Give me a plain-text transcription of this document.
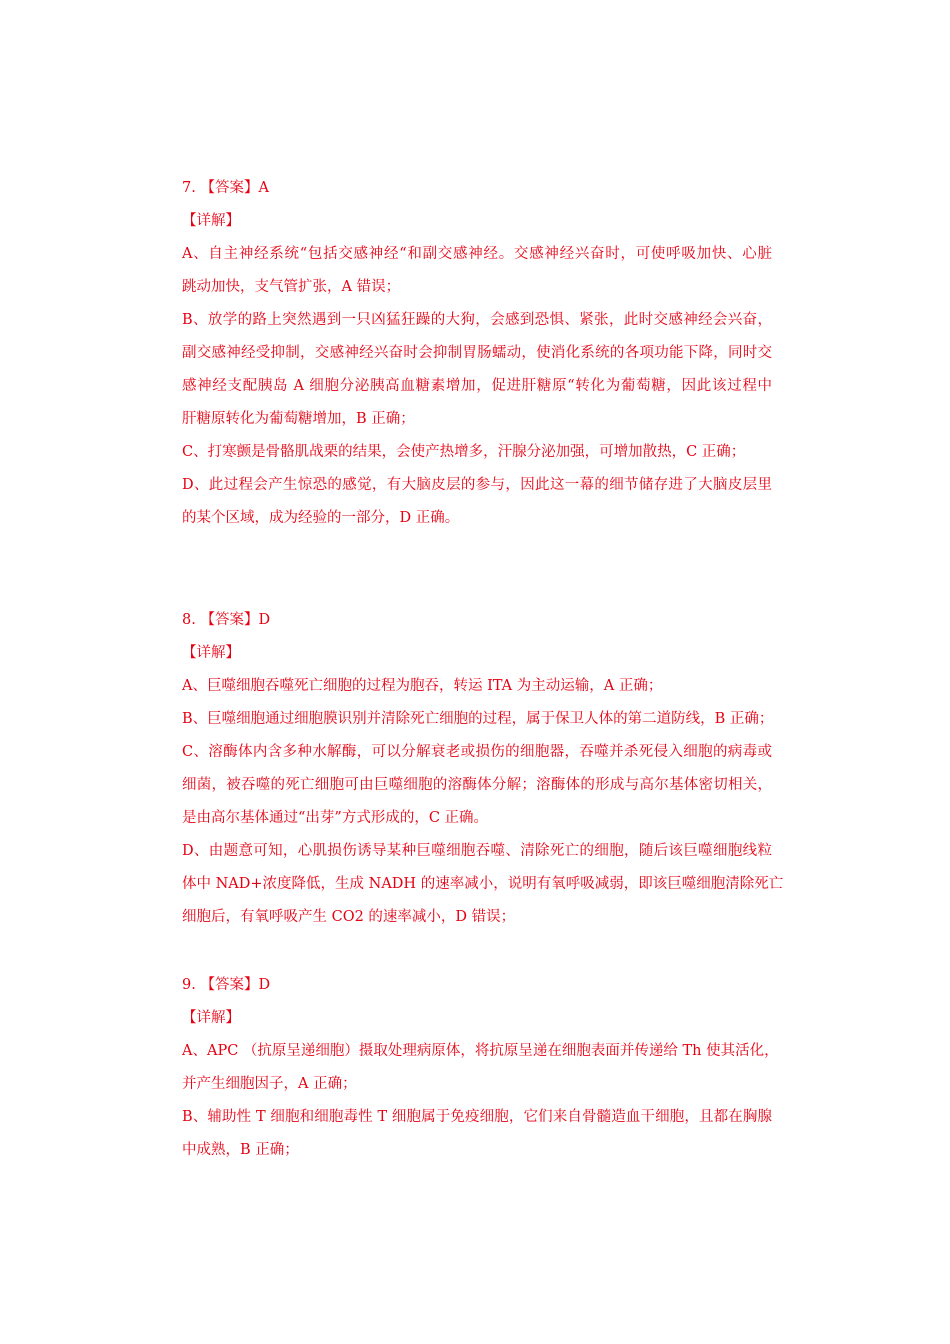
7. 【答案】A
【详解】
A、自主神经系统“包括交感神经“和副交感神经。交感神经兴奋时，可使呼吸加快、心脏
跳动加快，支气管扩张，A 错误；
B、放学的路上突然遇到一只凶猛狂躁的大狗，会感到恐惧、紧张，此时交感神经会兴奋，
副交感神经受抑制，交感神经兴奋时会抑制胃肠蠕动，使消化系统的各项功能下降，同时交
感神经支配胰岛 A 细胞分泌胰高血糖素增加，促进肝糖原“转化为葡萄糖，因此该过程中
肝糖原转化为葡萄糖增加，B 正确；
C、打寒颤是骨骼肌战栗的结果，会使产热增多，汗腺分泌加强，可增加散热，C 正确；
D、此过程会产生惊恐的感觉，有大脑皮层的参与，因此这一幕的细节储存进了大脑皮层里
的某个区域，成为经验的一部分，D 正确。
8. 【答案】D
【详解】
A、巨噬细胞吞噬死亡细胞的过程为胞吞，转运 ITA 为主动运输，A 正确；
B、巨噬细胞通过细胞膜识别并清除死亡细胞的过程，属于保卫人体的第二道防线，B 正确；
C、溶酶体内含多种水解酶，可以分解衰老或损伤的细胞器，吞噬并杀死侵入细胞的病毒或
细菌，被吞噬的死亡细胞可由巨噬细胞的溶酶体分解；溶酶体的形成与高尔基体密切相关，
是由高尔基体通过“出芽”方式形成的，C 正确。
D、由题意可知，心肌损伤诱导某种巨噬细胞吞噬、清除死亡的细胞，随后该巨噬细胞线粒
体中 NAD+浓度降低，生成 NADH 的速率减小，说明有氧呼吸减弱，即该巨噬细胞清除死亡
细胞后，有氧呼吸产生 CO2 的速率减小，D 错误；
9. 【答案】D
【详解】
A、APC （抗原呈递细胞）摄取处理病原体，将抗原呈递在细胞表面并传递给 Th 使其活化，
并产生细胞因子，A 正确；
B、辅助性 T 细胞和细胞毒性 T 细胞属于免疫细胞，它们来自骨髓造血干细胞，且都在胸腺
中成熟，B 正确；
